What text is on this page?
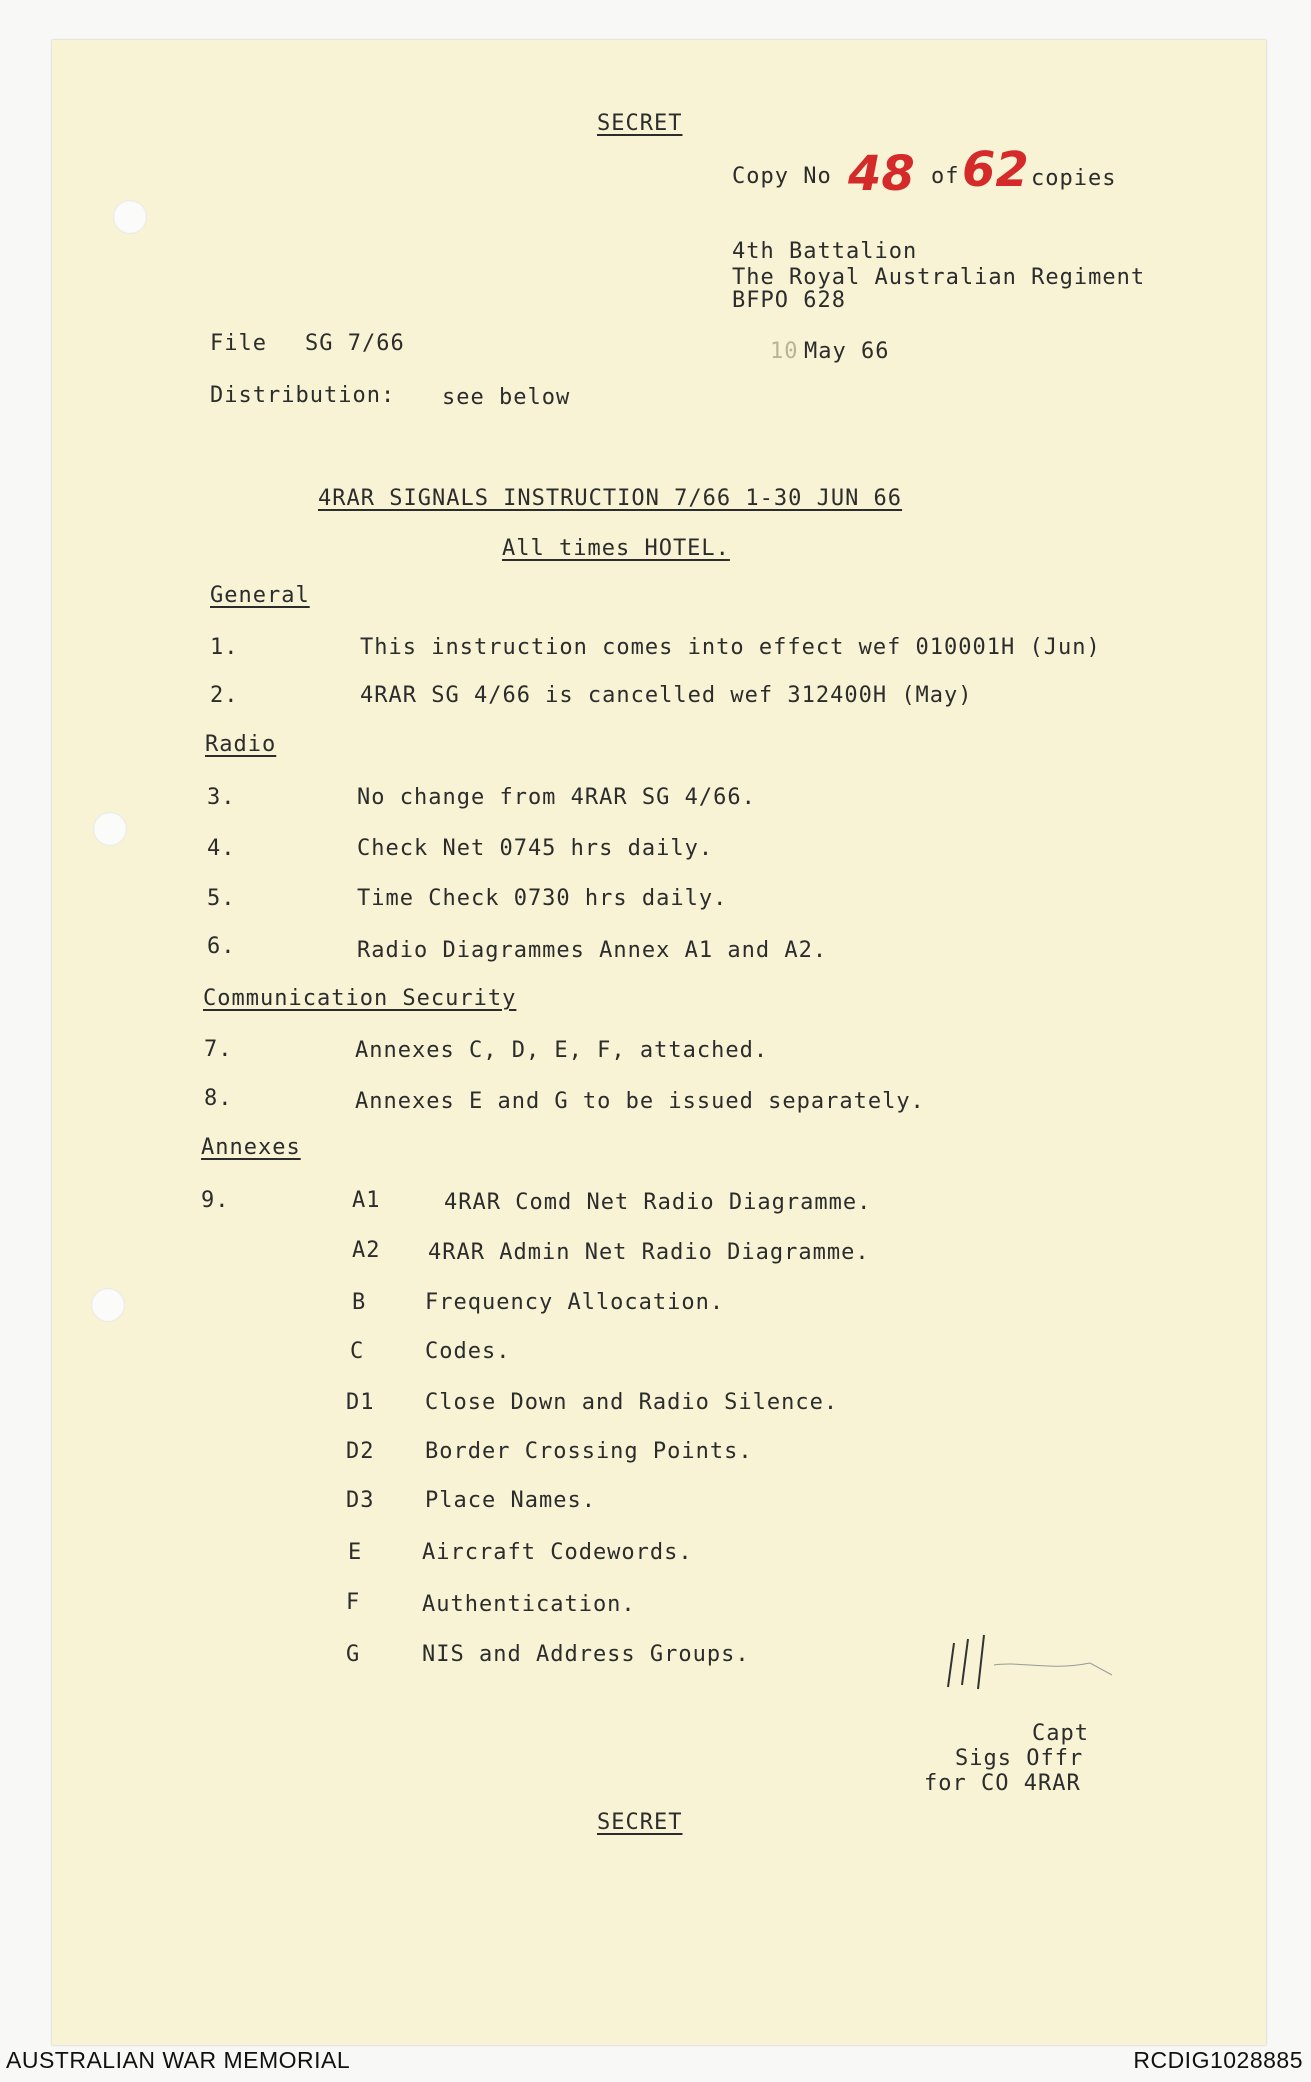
SECRET
Copy No 48 of 62 copies
4th Battalion
The Royal Australian Regiment
BFPO 628
File SG 7/66	10 May 66
Distribution: see below
4RAR SIGNALS INSTRUCTION 7/66 1-30 JUN 66
All times HOTEL.
General
1.	This instruction comes into effect wef 010001H (Jun)
2.	4RAR SG 4/66 is cancelled wef 312400H (May)
Radio
3.	No change from 4RAR SG 4/66.
4.	Check Net 0745 hrs daily.
5.	Time Check 0730 hrs daily.
6.	Radio Diagrammes Annex A1 and A2.
Communication Security
7.	Annexes C, D, E, F, attached.
8.	Annexes E and G to be issued separately.
Annexes
9.	A1	4RAR Comd Net Radio Diagramme.
A2 4RAR Admin Net Radio Diagramme.
B	Frequency Allocation.
C	Codes.
D1 Close Down and Radio Silence.
D2 Border Crossing Points.
D3 Place Names.
E	Aircraft Codewords.
F	Authentication.
G	NIS and Address Groups.
Capt
Sigs Offr
for CO 4RAR
SECRET
AUSTRALIAN WAR MEMORIAL	RCDIG1028885
